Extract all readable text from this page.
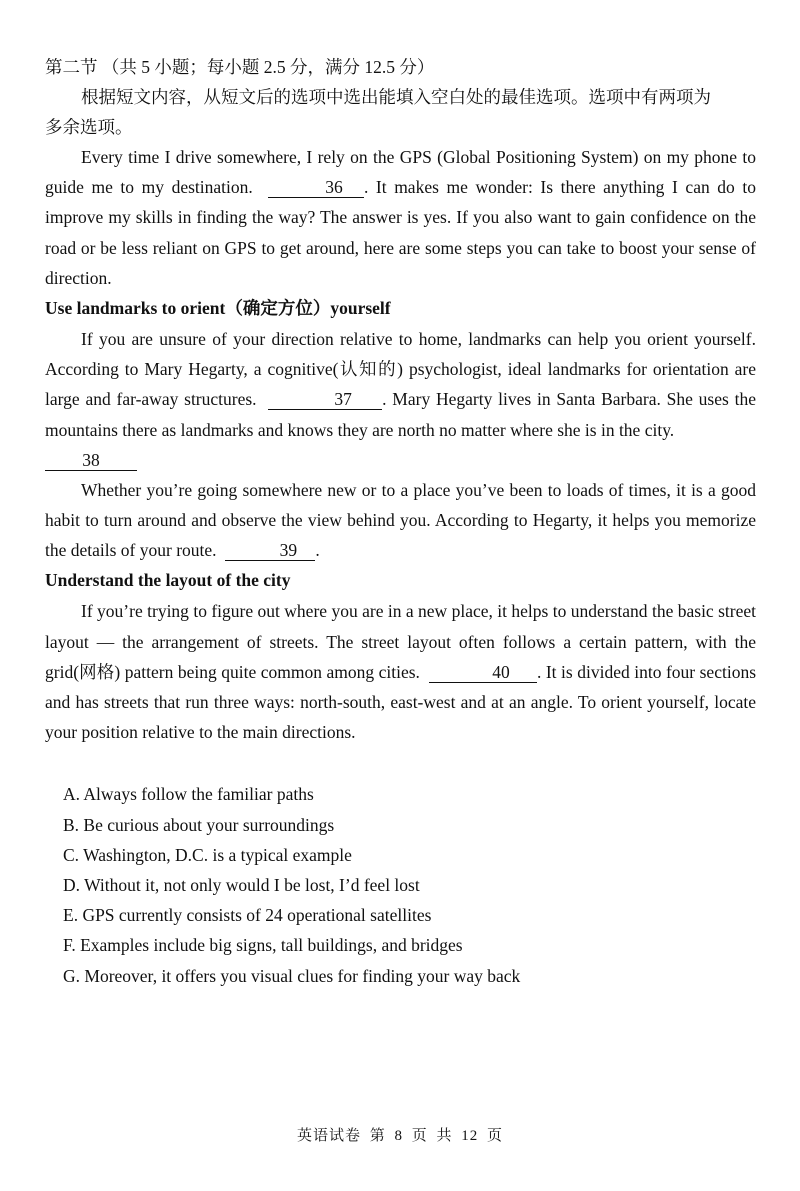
第二节 （共 5 小题；每小题 2.5 分，满分 12.5 分）

根据短文内容，从短文后的选项中选出能填入空白处的最佳选项。选项中有两项为

多余选项。

Every time I drive somewhere, I rely on the GPS (Global Positioning System) on my phone to guide me to my destination.	36 . It makes me wonder: Is there anything I can do to improve my skills in finding the way? The answer is yes. If you also want to gain confidence on the road or be less reliant on GPS to get around, here are some steps you can take to boost your sense of direction.

Use landmarks to orient（确定方位）yourself

If you are unsure of your direction relative to home, landmarks can help you orient yourself. According to Mary Hegarty, a cognitive(认知的) psychologist, ideal landmarks for orientation are large and far-away structures.	37 . Mary Hegarty lives in Santa Barbara. She uses the mountains there as landmarks and knows they are north no matter where she is in the city.

38

Whether you’re going somewhere new or to a place you’ve been to loads of times, it is a good habit to turn around and observe the view behind you. According to Hegarty, it helps you memorize the details of your route.	39 .

Understand the layout of the city

If you’re trying to figure out where you are in a new place, it helps to understand the basic street layout — the arrangement of streets. The street layout often follows a certain pattern, with the grid(网格) pattern being quite common among cities.	40 . It is divided into four sections and has streets that run three ways: north-south, east-west and at an angle. To orient yourself, locate your position relative to the main directions.

A. Always follow the familiar paths

B. Be curious about your surroundings

C. Washington, D.C. is a typical example

D. Without it, not only would I be lost, I’d feel lost

E. GPS currently consists of 24 operational satellites

F. Examples include big signs, tall buildings, and bridges

G. Moreover, it offers you visual clues for finding your way back

英语试卷 第 8 页 共 12 页
